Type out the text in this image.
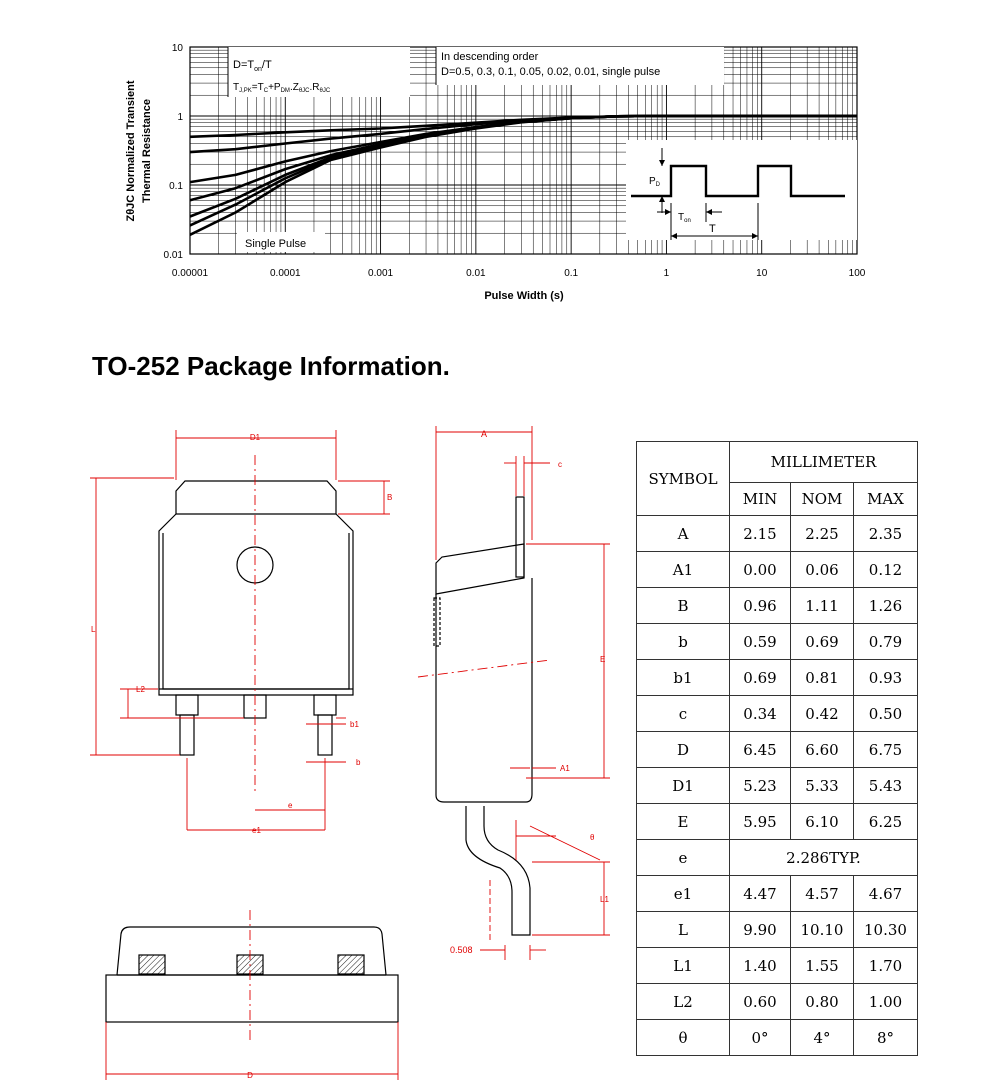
$D=T_{on}/T$
$T_{J,PK}=T_C+P_{DM}.Z_{\theta JC}.R_{\theta JC}$
In descending order
D=0.5, 0.3, 0.1, 0.05, 0.02, 0.01, single pulse
Single Pulse
$P_D$
$T_{on}$
T
0.00001	0.0001	0.001	0.01	0.1	1	10	100
0.01
0.1
1
10
Pulse Width (s)
ZθJC Normalized Transient Thermal Resistance
TO-252 Package Information.
D1
B
L
L2
b1
b
e
e1
A
c
E
A1
θ
L1
0.508
D
SYMBOL	MILLIMETER		
	MIN	NOM	MAX
A	2.15	2.25	2.35
A1	0.00	0.06	0.12
B	0.96	1.11	1.26
b	0.59	0.69	0.79
b1	0.69	0.81	0.93
c	0.34	0.42	0.50
D	6.45	6.60	6.75
D1	5.23	5.33	5.43
E	5.95	6.10	6.25
e	2.286TYP.		
e1	4.47	4.57	4.67
L	9.90	10.10	10.30
L1	1.40	1.55	1.70
L2	0.60	0.80	1.00
θ	0°	4°	8°
